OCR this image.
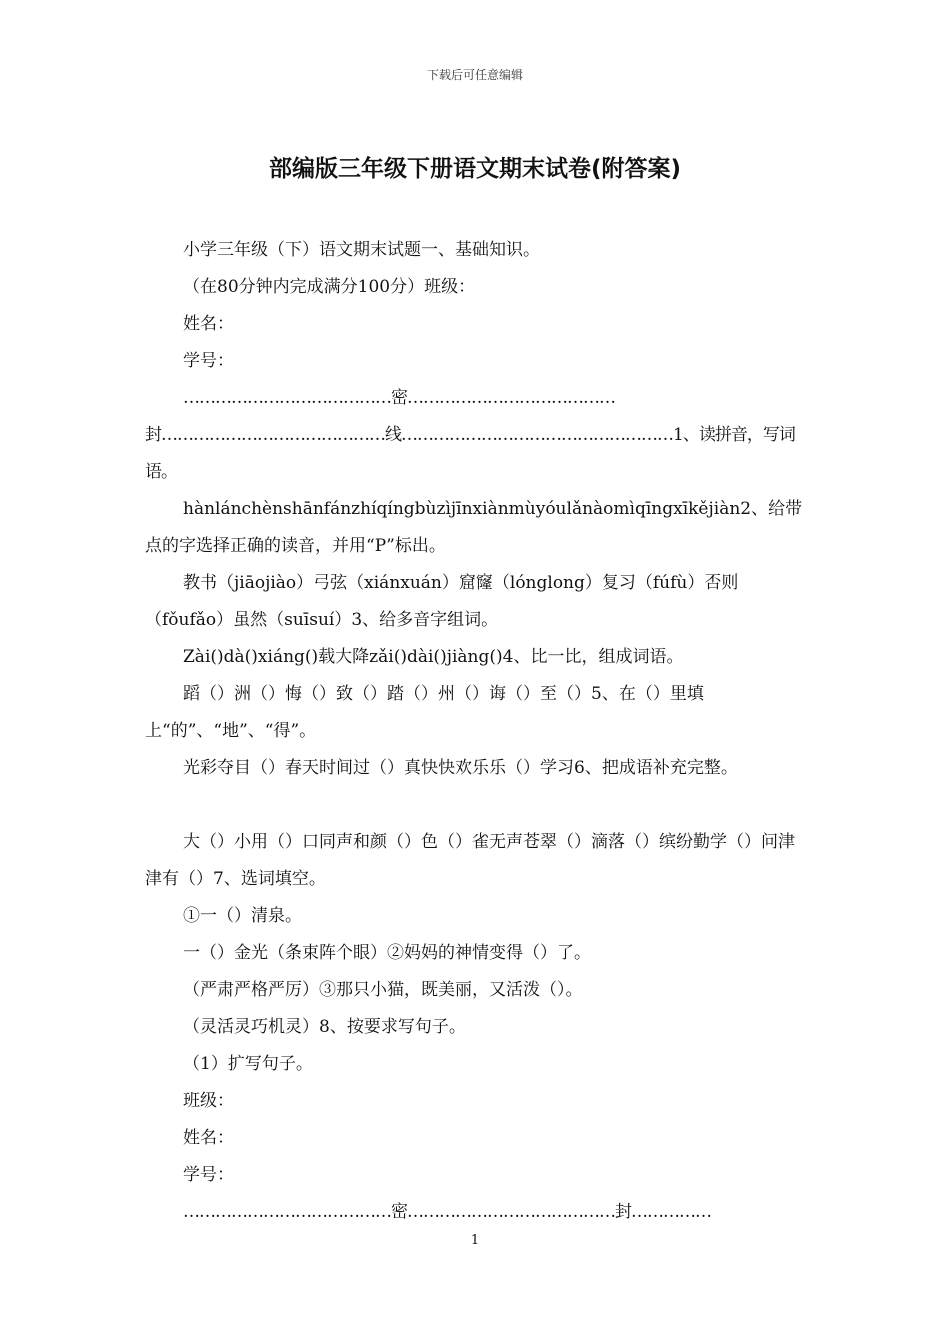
下载后可任意编辑
部编版三年级下册语文期末试卷(附答案)

小学三年级（下）语文期末试题一、基础知识。

（在80分钟内完成满分100分）班级：

姓名：

学号：

…………………………………密…………………………………封……………………………………线……………………………………………1、读拼音，写词语。

hànlánchènshānfánzhíqíngbùzìjīnxiànmùyóulǎnàomìqīngxīkějiàn2、给带点的字选择正确的读音，并用“P”标出。

教书（jiāojiào）弓弦（xiánxuán）窟窿（lónglong）复习（fúfù）否则（fǒufǎo）虽然（suīsuí）3、给多音字组词。

Zài()dà()xiáng()载大降zǎi()dài()jiàng()4、比一比，组成词语。

蹈（）洲（）悔（）致（）踏（）州（）诲（）至（）5、在（）里填上“的”、“地”、“得”。

光彩夺目（）春天时间过（）真快快欢乐乐（）学习6、把成语补充完整。

大（）小用（）口同声和颜（）色（）雀无声苍翠（）滴落（）缤纷勤学（）问津津有（）7、选词填空。

①一（）清泉。

一（）金光（条束阵个眼）②妈妈的神情变得（）了。

（严肃严格严厉）③那只小猫，既美丽，又活泼（）。

（灵活灵巧机灵）8、按要求写句子。

（1）扩写句子。

班级：

姓名：

学号：

…………………………………密…………………………………封……………

1
